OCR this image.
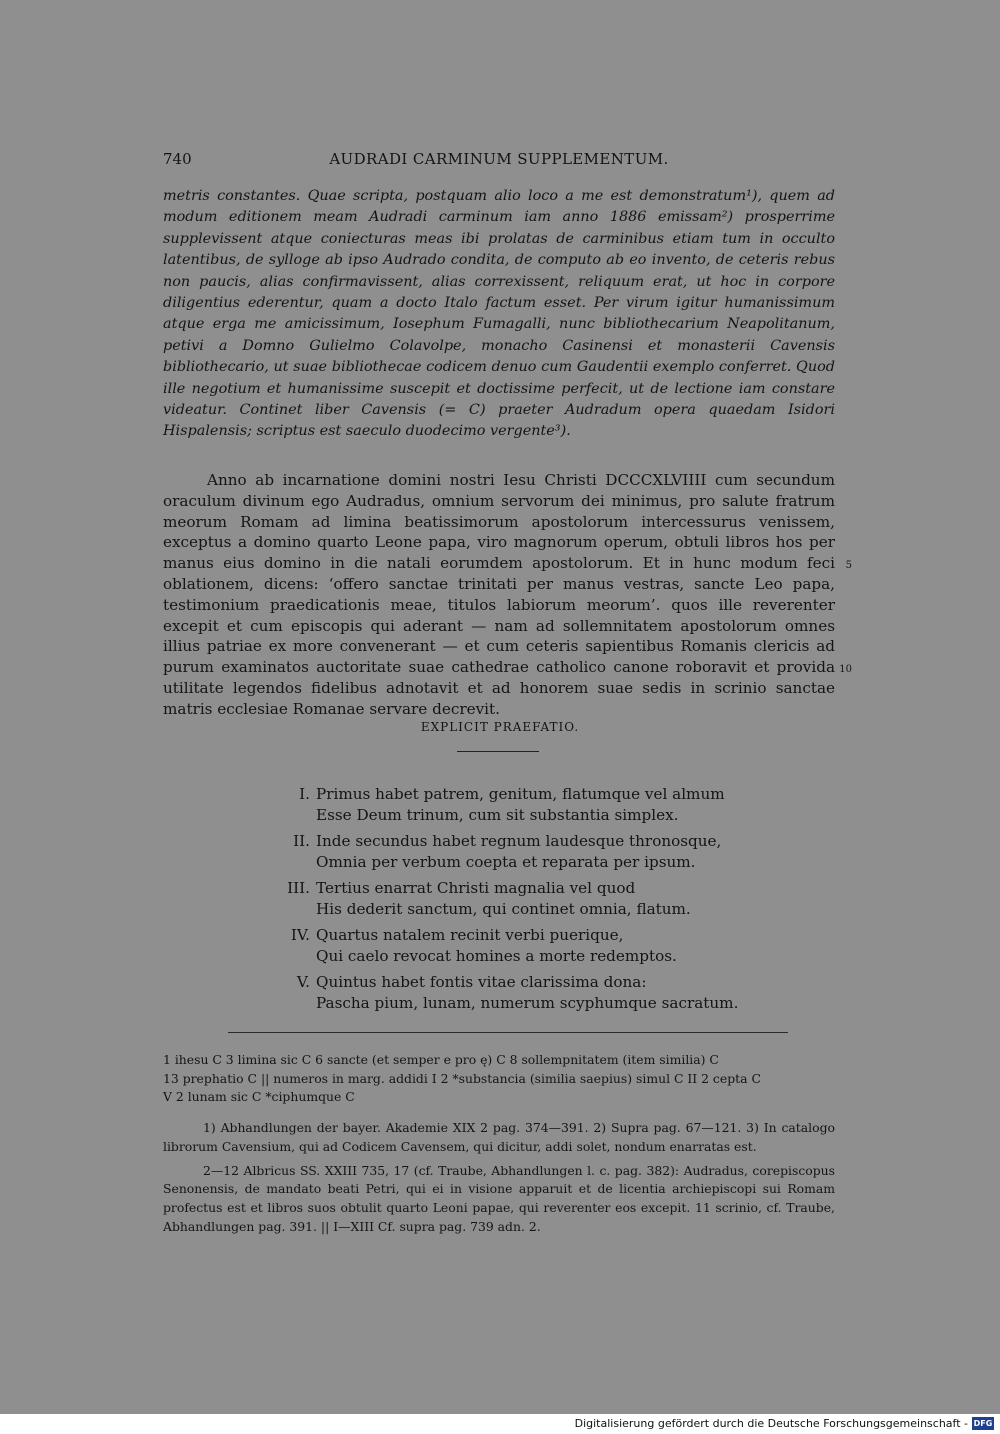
740	AUDRADI CARMINUM SUPPLEMENTUM.

metris constantes. Quae scripta, postquam alio loco a me est demonstratum¹), quem ad modum editionem meam Audradi carminum iam anno 1886 emissam²) prosperrime supplevissent atque coniecturas meas ibi prolatas de carminibus etiam tum in occulto latentibus, de sylloge ab ipso Audrado condita, de computo ab eo invento, de ceteris rebus non paucis, alias confirmavissent, alias correxissent, reliquum erat, ut hoc in corpore diligentius ederentur, quam a docto Italo factum esset. Per virum igitur humanissimum atque erga me amicissimum, Iosephum Fumagalli, nunc bibliothecarium Neapolitanum, petivi a Domno Gulielmo Colavolpe, monacho Casinensi et monasterii Cavensis bibliothecario, ut suae bibliothecae codicem denuo cum Gaudentii exemplo conferret. Quod ille negotium et humanissime suscepit et doctissime perfecit, ut de lectione iam constare videatur. Continet liber Cavensis (= C) praeter Audradum opera quaedam Isidori Hispalensis; scriptus est saeculo duodecimo vergente³).

Anno ab incarnatione domini nostri Iesu Christi DCCCXLVIIII cum secundum oraculum divinum ego Audradus, omnium servorum dei minimus, pro salute fratrum meorum Romam ad limina beatissimorum apostolorum intercessurus venissem, exceptus a domino quarto Leone papa, viro magnorum operum, obtuli libros hos per manus eius domino in die natali eorumdem apostolorum. Et in hunc modum feci oblationem, dicens: ‘offero sanctae trinitati per manus vestras, sancte Leo papa, testimonium praedicationis meae, titulos labiorum meorum’. quos ille reverenter excepit et cum episcopis qui aderant — nam ad sollemnitatem apostolorum omnes illius patriae ex more convenerant — et cum ceteris sapientibus Romanis clericis ad purum examinatos auctoritate suae cathedrae catholico canone roboravit et provida utilitate legendos fidelibus adnotavit et ad honorem suae sedis in scrinio sanctae matris ecclesiae Romanae servare decrevit.

5
10
EXPLICIT PRAEFATIO.
I. Primus habet patrem, genitum, flatumque vel almum
Esse Deum trinum, cum sit substantia simplex.
II. Inde secundus habet regnum laudesque thronosque,
Omnia per verbum coepta et reparata per ipsum.
III. Tertius enarrat Christi magnalia vel quod
His dederit sanctum, qui continet omnia, flatum.
IV. Quartus natalem recinit verbi puerique,
Qui caelo revocat homines a morte redemptos.
V. Quintus habet fontis vitae clarissima dona:
Pascha pium, lunam, numerum scyphumque sacratum.

1 ihesu C 3 limina sic C 6 sancte (et semper e pro ę) C 8 sollempnitatem (item similia) C

13 prephatio C || numeros in marg. addidi I 2 *substancia (similia saepius) simul C II 2 cepta C

V 2 lunam sic C *ciphumque C

1) Abhandlungen der bayer. Akademie XIX 2 pag. 374—391. 2) Supra pag. 67—121. 3) In catalogo librorum Cavensium, qui ad Codicem Cavensem, qui dicitur, addi solet, nondum enarratas est.

2—12 Albricus SS. XXIII 735, 17 (cf. Traube, Abhandlungen l. c. pag. 382): Audradus, corepiscopus Senonensis, de mandato beati Petri, qui ei in visione apparuit et de licentia archiepiscopi sui Romam profectus est et libros suos obtulit quarto Leoni papae, qui reverenter eos excepit. 11 scrinio, cf. Traube, Abhandlungen pag. 391. || I—XIII Cf. supra pag. 739 adn. 2.

Digitalisierung gefördert durch die Deutsche Forschungsgemeinschaft - DFG
